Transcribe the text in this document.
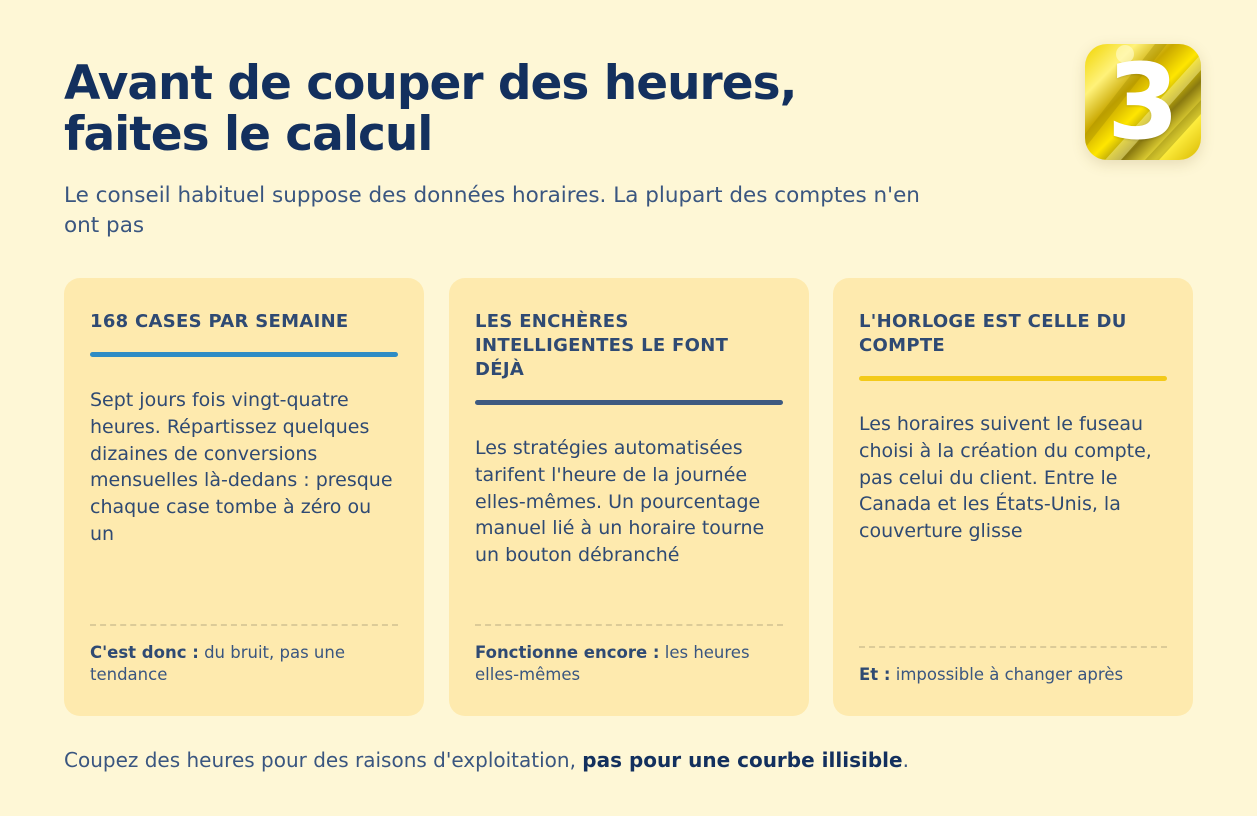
Avant de couper des heures,
faites le calcul

Le conseil habituel suppose des données horaires. La plupart des comptes n'en ont pas

3
168 CASES PAR SEMAINE
Sept jours fois vingt-quatre heures. Répartissez quelques dizaines de conversions mensuelles là-dedans : presque chaque case tombe à zéro ou un
C'est donc : du bruit, pas une tendance
LES ENCHÈRES INTELLIGENTES LE FONT DÉJÀ
Les stratégies automatisées tarifent l'heure de la journée elles-mêmes. Un pourcentage manuel lié à un horaire tourne un bouton débranché
Fonctionne encore : les heures elles-mêmes
L'HORLOGE EST CELLE DU COMPTE
Les horaires suivent le fuseau choisi à la création du compte, pas celui du client. Entre le Canada et les États-Unis, la couverture glisse
Et : impossible à changer après

Coupez des heures pour des raisons d'exploitation, pas pour une courbe illisible.
